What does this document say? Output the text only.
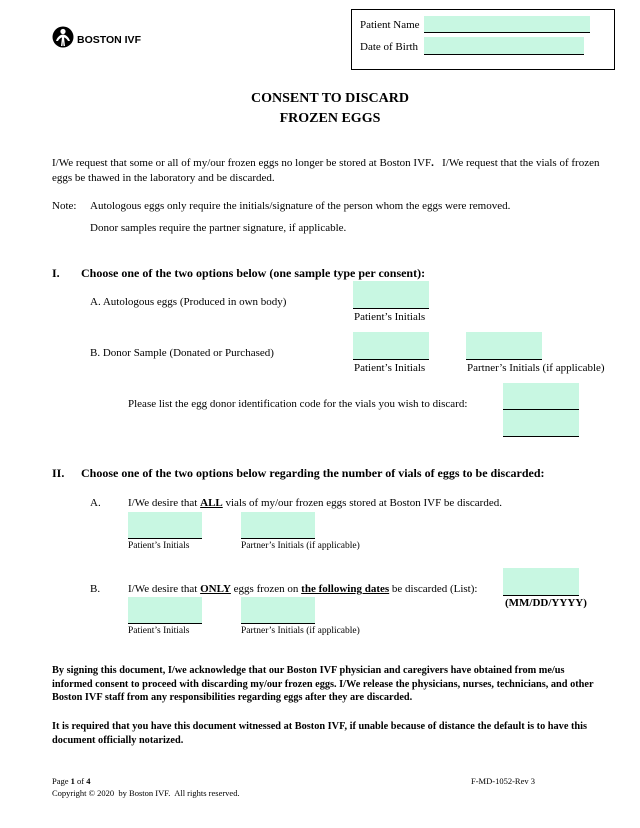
BOSTON IVF
Patient Name
Date of Birth
CONSENT TO DISCARD
FROZEN EGGS
I/We request that some or all of my/our frozen eggs no longer be stored at Boston IVF.   I/We request that the vials of frozen eggs be thawed in the laboratory and be discarded.
Note: Autologous eggs only require the initials/signature of the person whom the eggs were removed.
Donor samples require the partner signature, if applicable.
I. Choose one of the two options below (one sample type per consent):
A. Autologous eggs (Produced in own body)
Patient’s Initials
B. Donor Sample (Donated or Purchased)
Patient’s Initials	Partner’s Initials (if applicable)
Please list the egg donor identification code for the vials you wish to discard:
II. Choose one of the two options below regarding the number of vials of eggs to be discarded:
A. I/We desire that ALL vials of my/our frozen eggs stored at Boston IVF be discarded.
Patient’s Initials	Partner’s Initials (if applicable)
B.	I/We desire that ONLY eggs frozen on the following dates be discarded (List):
(MM/DD/YYYY)
Patient’s Initials	Partner’s Initials (if applicable)
By signing this document, I/we acknowledge that our Boston IVF physician and caregivers have obtained from me/us informed consent to proceed with discarding my/our frozen eggs. I/We release the physicians, nurses, technicians, and other Boston IVF staff from any responsibilities regarding eggs after they are discarded.
It is required that you have this document witnessed at Boston IVF, if unable because of distance the default is to have this document officially notarized.
Page 1 of 4	F-MD-1052-Rev 3
Copyright © 2020  by Boston IVF.  All rights reserved.
